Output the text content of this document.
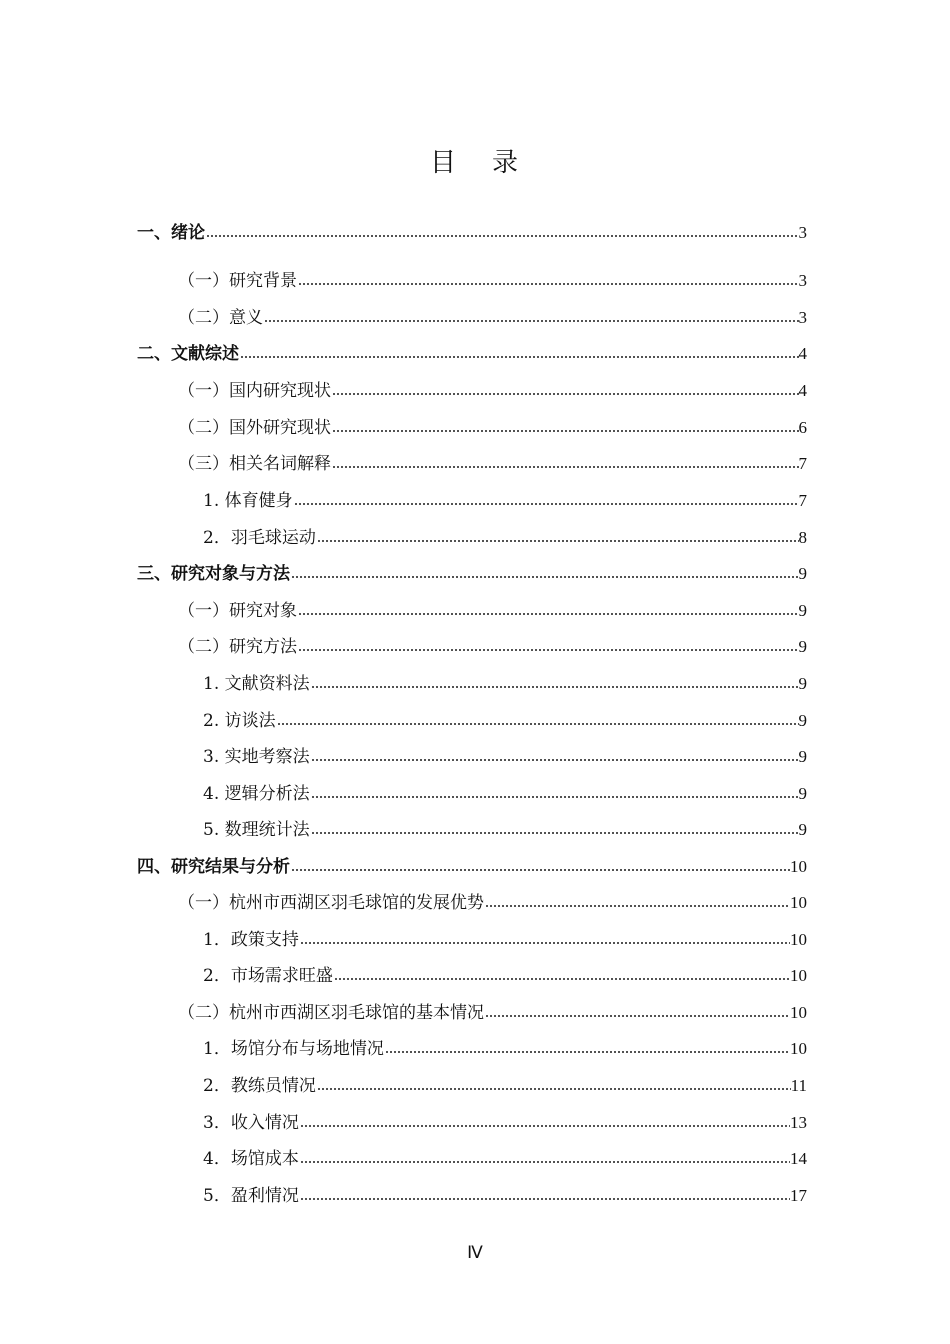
目 录
一、绪论	3
（一）研究背景	3
（二）意义	3
二、文献综述	4
（一）国内研究现状	4
（二）国外研究现状	6
（三）相关名词解释	7
1. 体育健身	7
2．羽毛球运动	8
三、研究对象与方法	9
（一）研究对象	9
（二）研究方法	9
1. 文献资料法	9
2. 访谈法	9
3. 实地考察法	9
4. 逻辑分析法	9
5. 数理统计法	9
四、研究结果与分析	10
（一）杭州市西湖区羽毛球馆的发展优势	10
1．政策支持	10
2．市场需求旺盛	10
（二）杭州市西湖区羽毛球馆的基本情况	10
1．场馆分布与场地情况	10
2．教练员情况	11
3．收入情况	13
4．场馆成本	14
5．盈利情况	17
Ⅳ
